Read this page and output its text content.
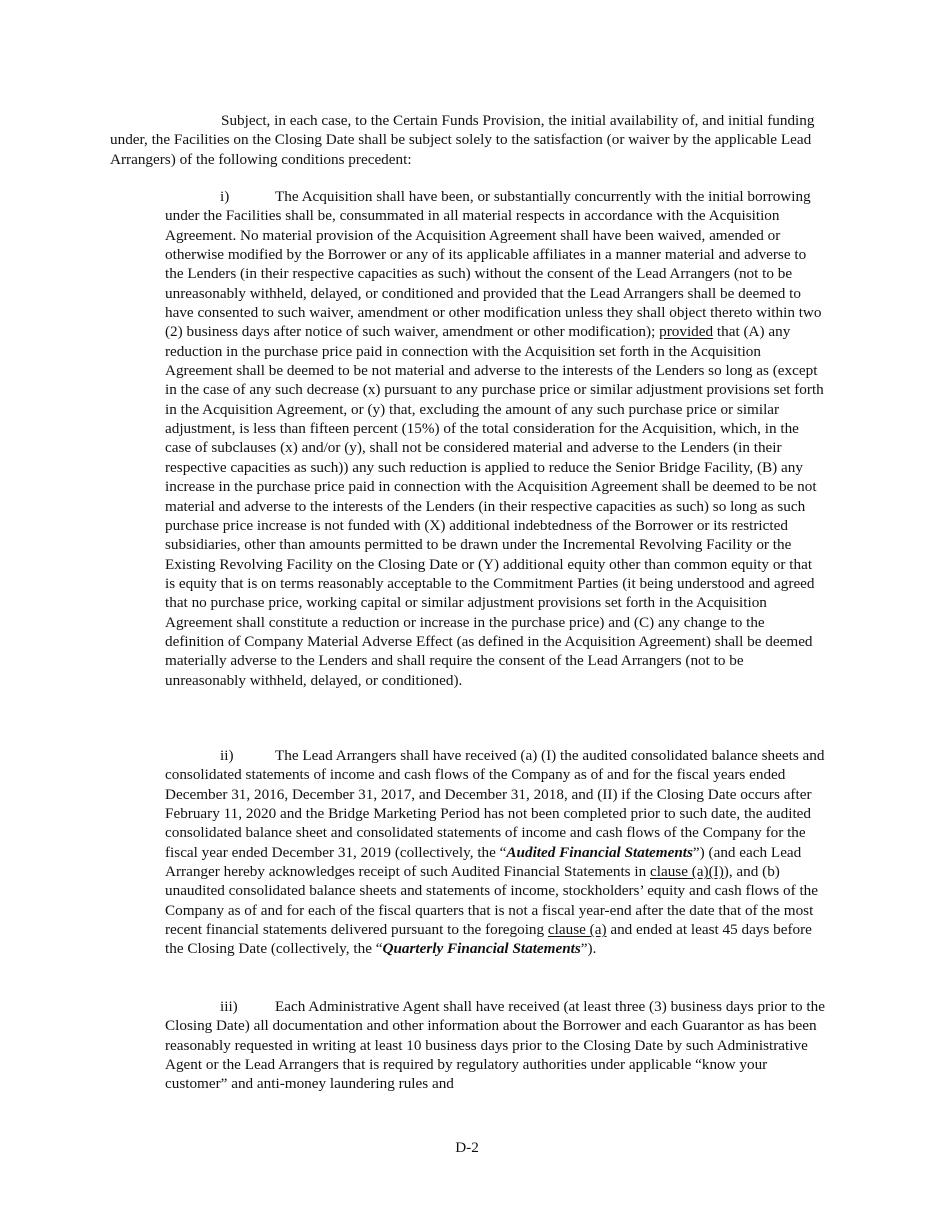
Subject, in each case, to the Certain Funds Provision, the initial availability of, and initial funding under, the Facilities on the Closing Date shall be subject solely to the satisfaction (or waiver by the applicable Lead Arrangers) of the following conditions precedent:

i)	The Acquisition shall have been, or substantially concurrently with the initial borrowing under the Facilities shall be, consummated in all material respects in accordance with the Acquisition Agreement. No material provision of the Acquisition Agreement shall have been waived, amended or otherwise modified by the Borrower or any of its applicable affiliates in a manner material and adverse to the Lenders (in their respective capacities as such) without the consent of the Lead Arrangers (not to be unreasonably withheld, delayed, or conditioned and provided that the Lead Arrangers shall be deemed to have consented to such waiver, amendment or other modification unless they shall object thereto within two (2) business days after notice of such waiver, amendment or other modification); provided that (A) any reduction in the purchase price paid in connection with the Acquisition set forth in the Acquisition Agreement shall be deemed to be not material and adverse to the interests of the Lenders so long as (except in the case of any such decrease (x) pursuant to any purchase price or similar adjustment provisions set forth in the Acquisition Agreement, or (y) that, excluding the amount of any such purchase price or similar adjustment, is less than fifteen percent (15%) of the total consideration for the Acquisition, which, in the case of subclauses (x) and/or (y), shall not be considered material and adverse to the Lenders (in their respective capacities as such)) any such reduction is applied to reduce the Senior Bridge Facility, (B) any increase in the purchase price paid in connection with the Acquisition Agreement shall be deemed to be not material and adverse to the interests of the Lenders (in their respective capacities as such) so long as such purchase price increase is not funded with (X) additional indebtedness of the Borrower or its restricted subsidiaries, other than amounts permitted to be drawn under the Incremental Revolving Facility or the Existing Revolving Facility on the Closing Date or (Y) additional equity other than common equity or that is equity that is on terms reasonably acceptable to the Commitment Parties (it being understood and agreed that no purchase price, working capital or similar adjustment provisions set forth in the Acquisition Agreement shall constitute a reduction or increase in the purchase price) and (C) any change to the definition of Company Material Adverse Effect (as defined in the Acquisition Agreement) shall be deemed materially adverse to the Lenders and shall require the consent of the Lead Arrangers (not to be unreasonably withheld, delayed, or conditioned).

ii)	The Lead Arrangers shall have received (a) (I) the audited consolidated balance sheets and consolidated statements of income and cash flows of the Company as of and for the fiscal years ended December 31, 2016, December 31, 2017, and December 31, 2018, and (II) if the Closing Date occurs after February 11, 2020 and the Bridge Marketing Period has not been completed prior to such date, the audited consolidated balance sheet and consolidated statements of income and cash flows of the Company for the fiscal year ended December 31, 2019 (collectively, the “Audited Financial Statements”) (and each Lead Arranger hereby acknowledges receipt of such Audited Financial Statements in clause (a)(I)), and (b) unaudited consolidated balance sheets and statements of income, stockholders’ equity and cash flows of the Company as of and for each of the fiscal quarters that is not a fiscal year-end after the date that of the most recent financial statements delivered pursuant to the foregoing clause (a) and ended at least 45 days before the Closing Date (collectively, the “Quarterly Financial Statements”).

iii) Each Administrative Agent shall have received (at least three (3) business days prior to the Closing Date) all documentation and other information about the Borrower and each Guarantor as has been reasonably requested in writing at least 10 business days prior to the Closing Date by such Administrative Agent or the Lead Arrangers that is required by regulatory authorities under applicable “know your customer” and anti-money laundering rules and

D-2
